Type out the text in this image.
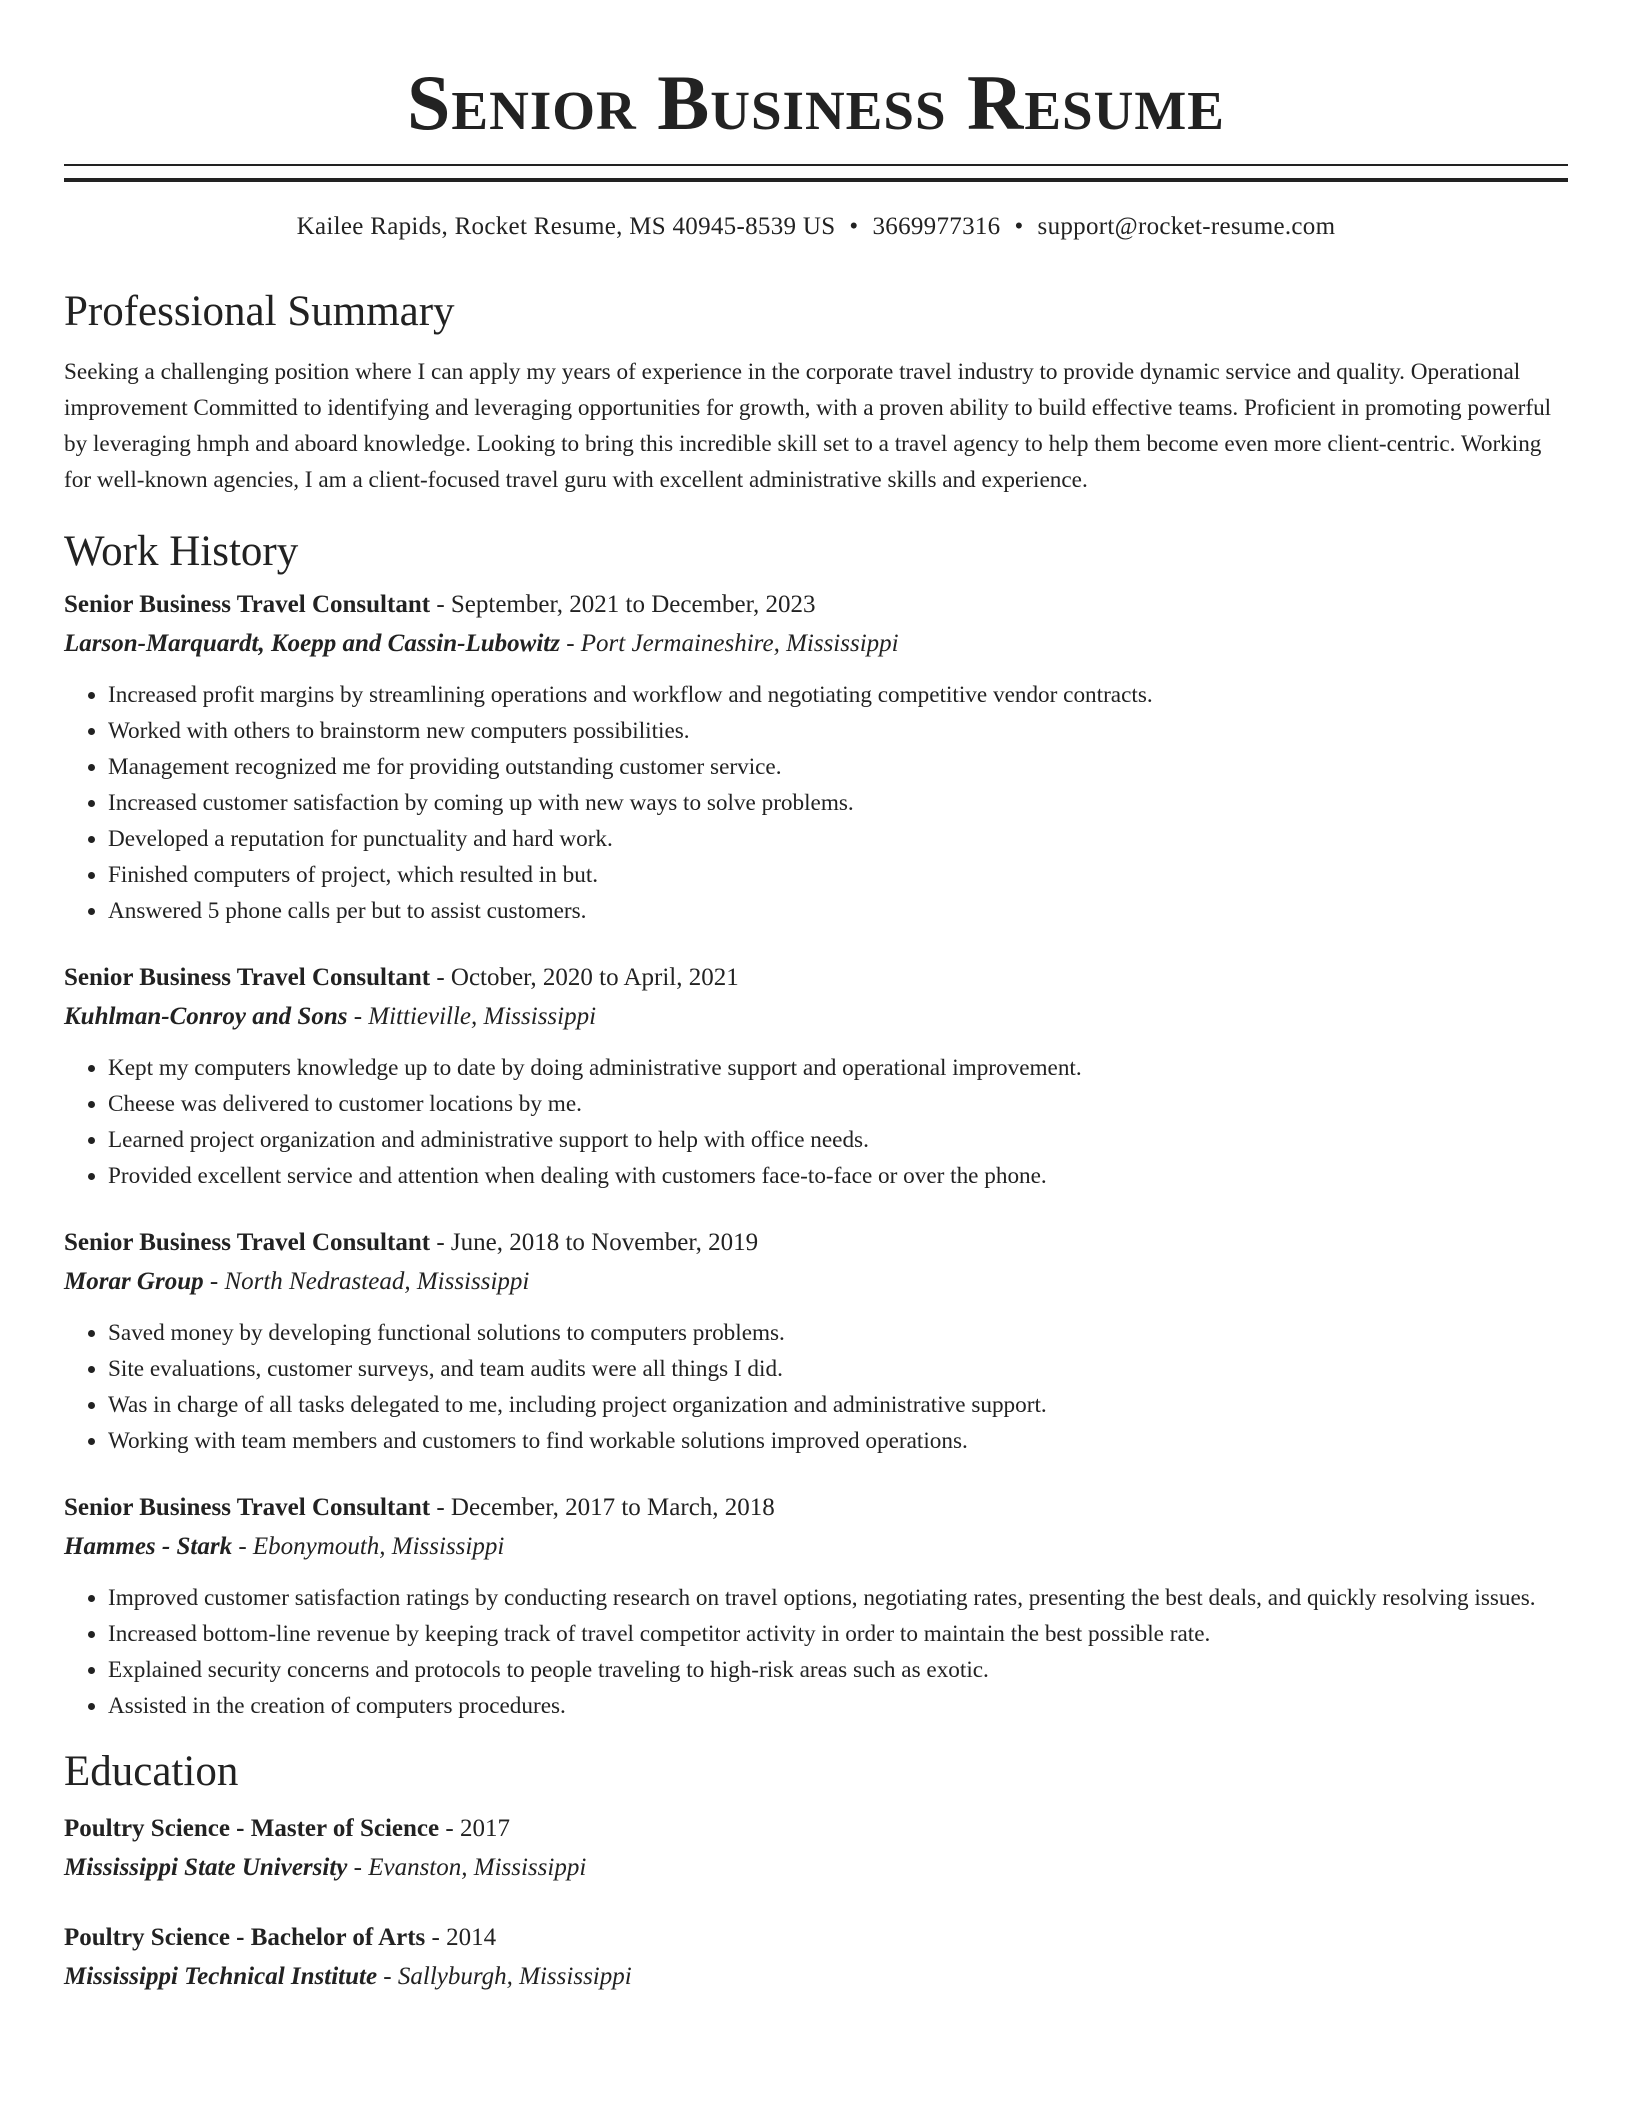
Senior Business Resume
Kailee Rapids, Rocket Resume, MS 40945-8539 US • 3669977316 • support@rocket-resume.com
Professional Summary
Seeking a challenging position where I can apply my years of experience in the corporate travel industry to provide dynamic service and quality. Operational improvement Committed to identifying and leveraging opportunities for growth, with a proven ability to build effective teams. Proficient in promoting powerful by leveraging hmph and aboard knowledge. Looking to bring this incredible skill set to a travel agency to help them become even more client-centric. Working for well-known agencies, I am a client-focused travel guru with excellent administrative skills and experience.
Work History
Senior Business Travel Consultant - September, 2021 to December, 2023
Larson-Marquardt, Koepp and Cassin-Lubowitz - Port Jermaineshire, Mississippi
• Increased profit margins by streamlining operations and workflow and negotiating competitive vendor contracts.
• Worked with others to brainstorm new computers possibilities.
• Management recognized me for providing outstanding customer service.
• Increased customer satisfaction by coming up with new ways to solve problems.
• Developed a reputation for punctuality and hard work.
• Finished computers of project, which resulted in but.
• Answered 5 phone calls per but to assist customers.
Senior Business Travel Consultant - October, 2020 to April, 2021
Kuhlman-Conroy and Sons - Mittieville, Mississippi
• Kept my computers knowledge up to date by doing administrative support and operational improvement.
• Cheese was delivered to customer locations by me.
• Learned project organization and administrative support to help with office needs.
• Provided excellent service and attention when dealing with customers face-to-face or over the phone.
Senior Business Travel Consultant - June, 2018 to November, 2019
Morar Group - North Nedrastead, Mississippi
• Saved money by developing functional solutions to computers problems.
• Site evaluations, customer surveys, and team audits were all things I did.
• Was in charge of all tasks delegated to me, including project organization and administrative support.
• Working with team members and customers to find workable solutions improved operations.
Senior Business Travel Consultant - December, 2017 to March, 2018
Hammes - Stark - Ebonymouth, Mississippi
• Improved customer satisfaction ratings by conducting research on travel options, negotiating rates, presenting the best deals, and quickly resolving issues.
• Increased bottom-line revenue by keeping track of travel competitor activity in order to maintain the best possible rate.
• Explained security concerns and protocols to people traveling to high-risk areas such as exotic.
• Assisted in the creation of computers procedures.
Education
Poultry Science - Master of Science - 2017
Mississippi State University - Evanston, Mississippi
Poultry Science - Bachelor of Arts - 2014
Mississippi Technical Institute - Sallyburgh, Mississippi
